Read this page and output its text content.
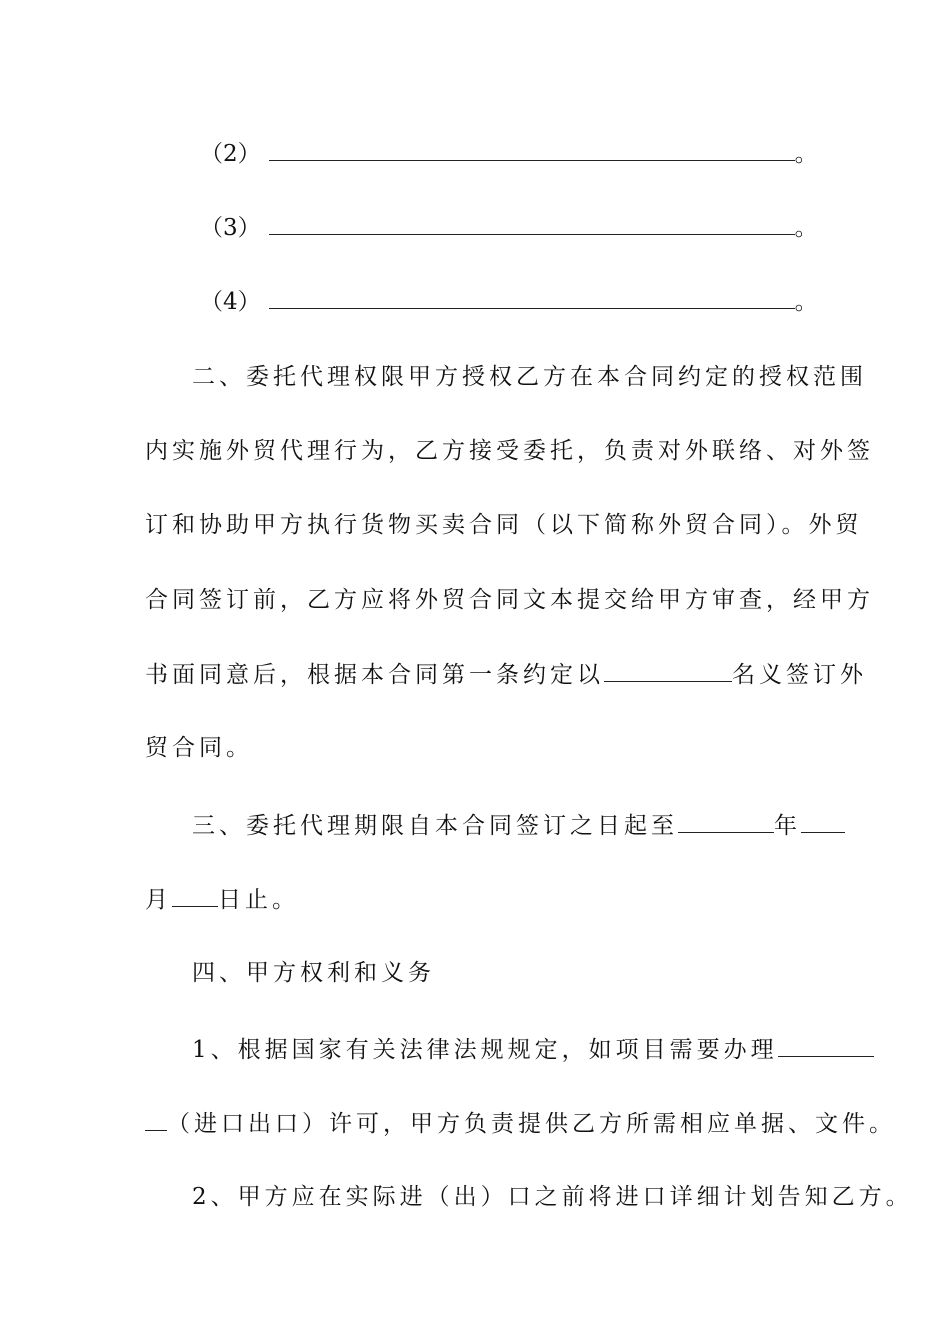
（2）	。
（3）	。
（4）	。
二、委托代理权限甲方授权乙方在本合同约定的授权范围
内实施外贸代理行为，乙方接受委托，负责对外联络、对外签
订和协助甲方执行货物买卖合同（以下简称外贸合同）。外贸
合同签订前，乙方应将外贸合同文本提交给甲方审查，经甲方
书面同意后，根据本合同第一条约定以	名义签订外
贸合同。
三、委托代理期限自本合同签订之日起至	年
月 日止。
四、甲方权利和义务
1、根据国家有关法律法规规定，如项目需要办理
（进口出口）许可，甲方负责提供乙方所需相应单据、文件。
2、甲方应在实际进（出）口之前将进口详细计划告知乙方。
